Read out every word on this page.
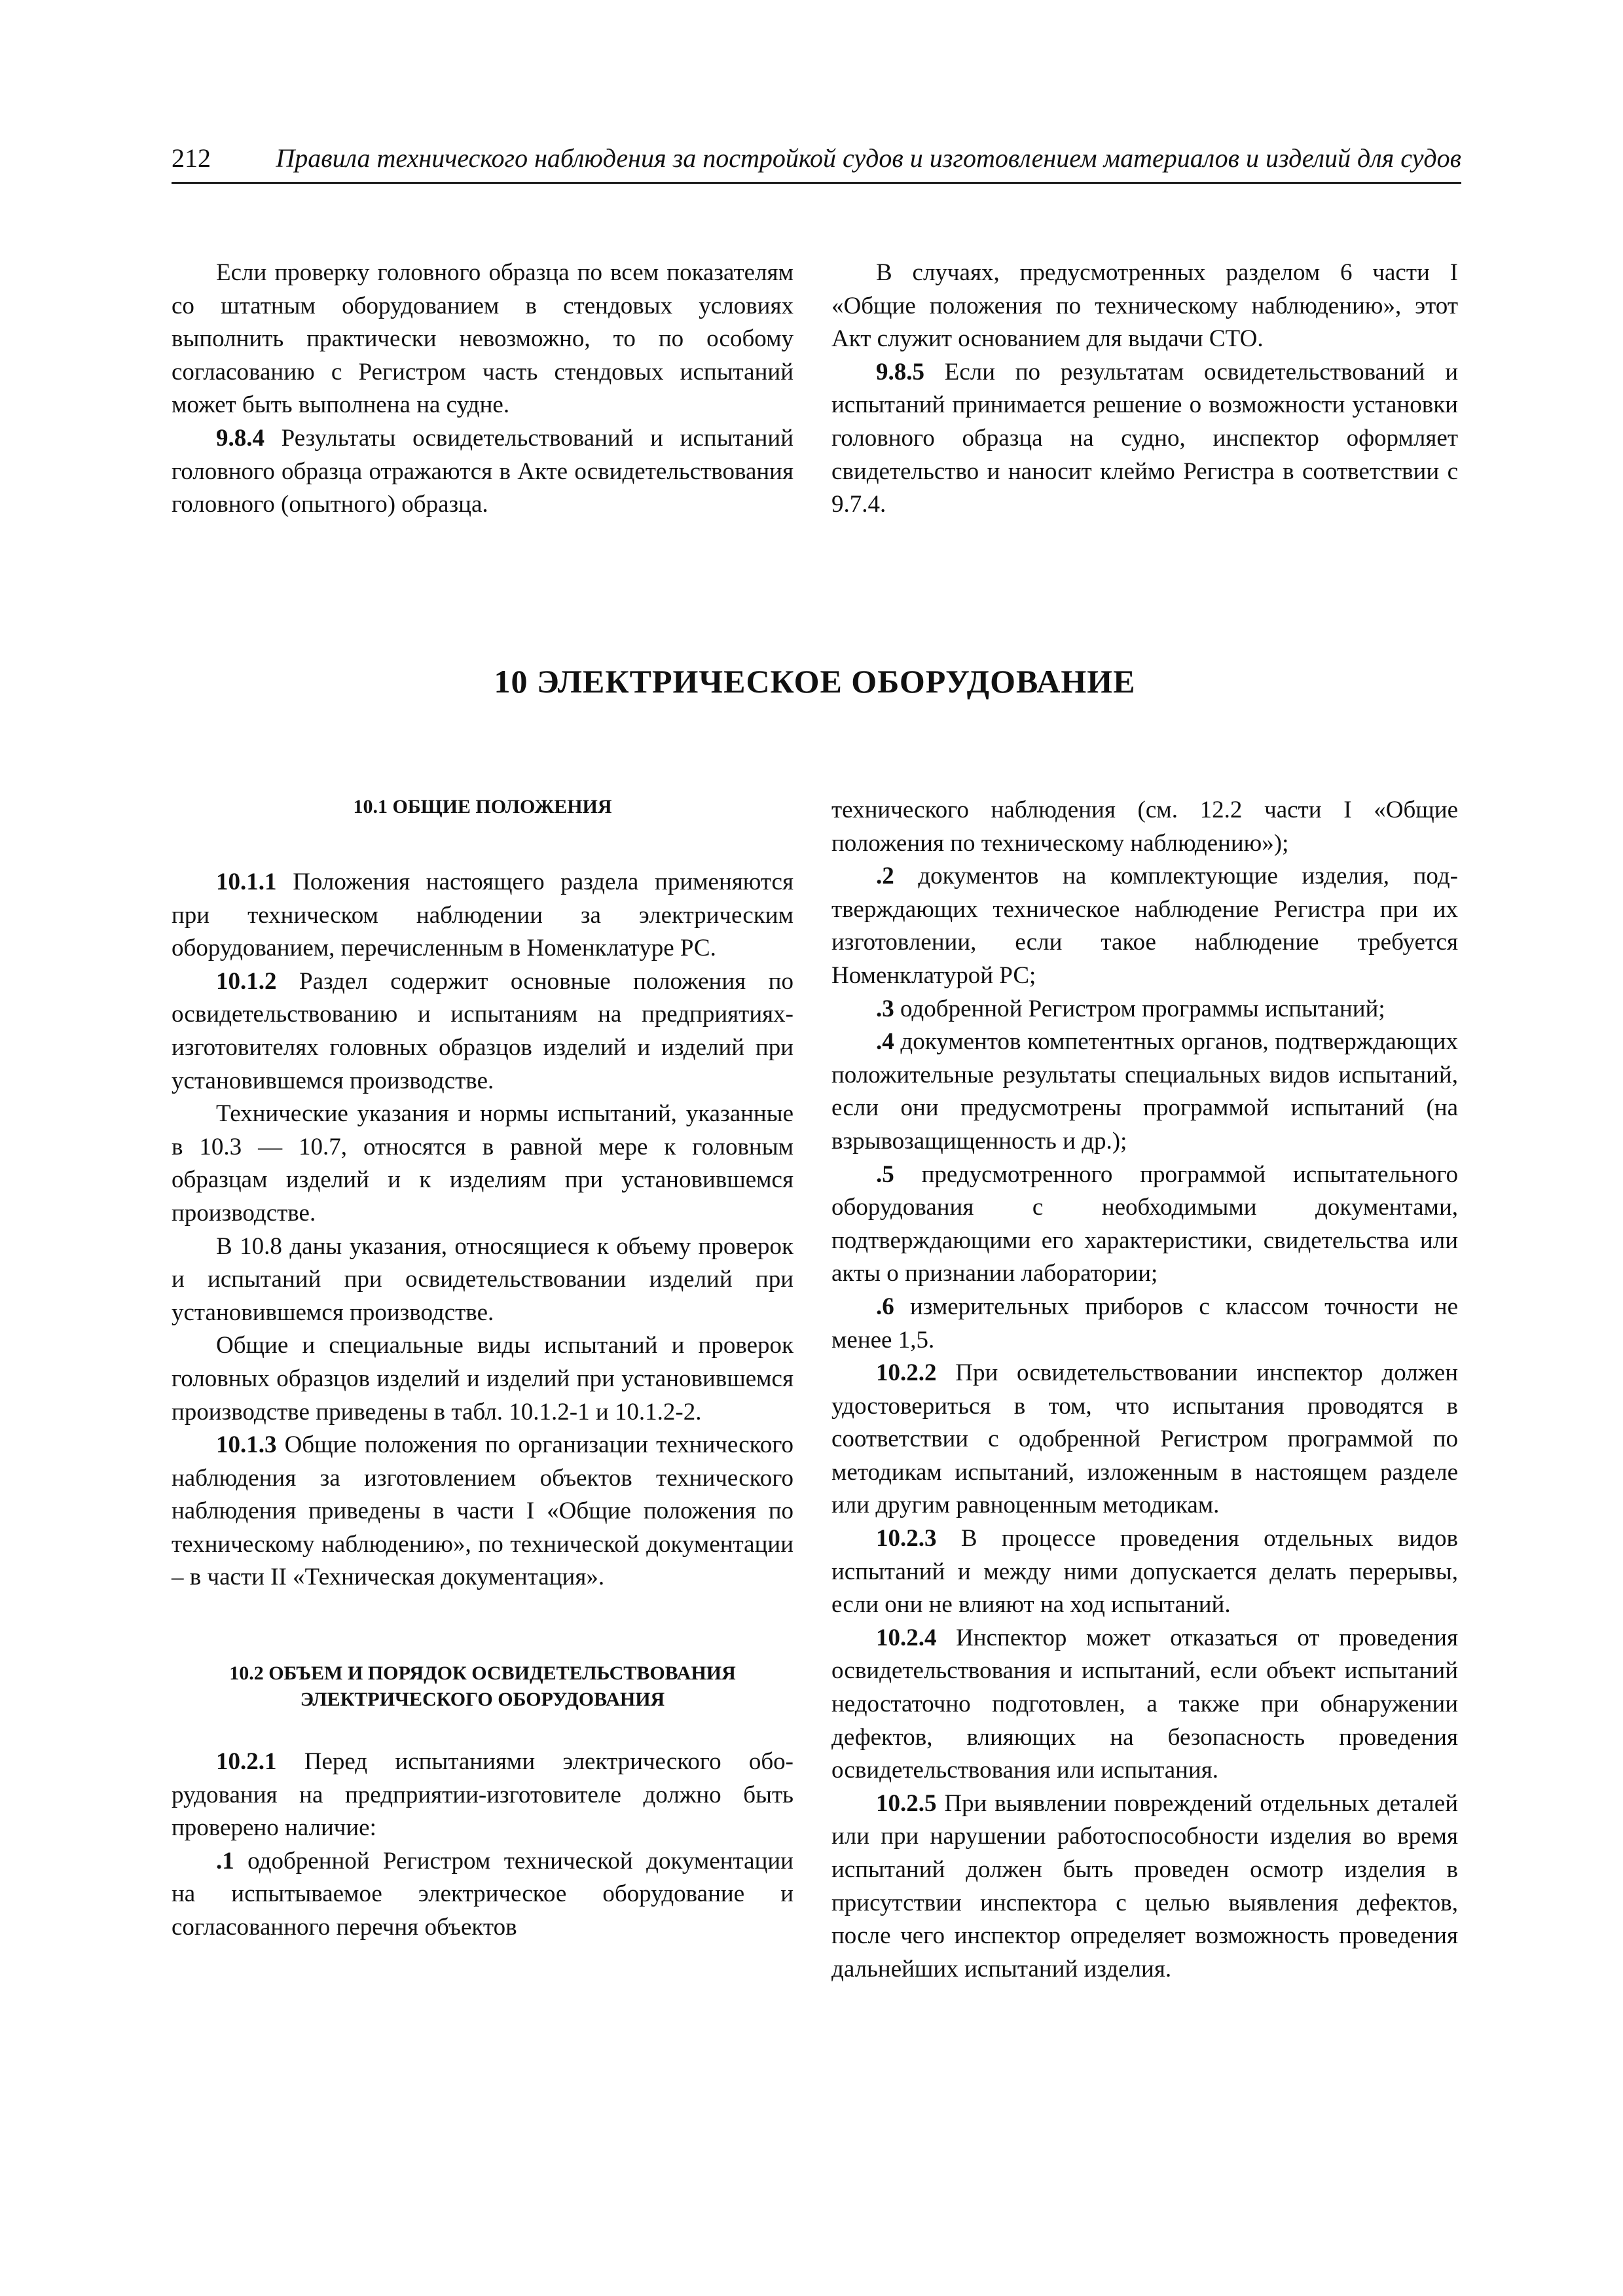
212 Правила технического наблюдения за постройкой судов и изготовлением материалов и изделий для судов

Если проверку головного образца по всем показателям со штатным оборудованием в стендовых условиях выполнить практически невозможно, то по особому согласованию с Регистром часть стендовых испытаний может быть выполнена на судне.

9.8.4 Результаты освидетельствований и испытаний головного образца отражаются в Акте освидетельствования головного (опытного) образца.

В случаях, предусмотренных разделом 6 части I «Общие положения по техническому наблюдению», этот Акт служит основанием для выдачи СТО.

9.8.5 Если по результатам освидетельствований и испытаний принимается решение о возможности установки головного образца на судно, инспектор оформляет свидетельство и наносит клеймо Регистра в соответствии с 9.7.4.

10 ЭЛЕКТРИЧЕСКОЕ ОБОРУДОВАНИЕ

10.1 ОБЩИЕ ПОЛОЖЕНИЯ

10.1.1 Положения настоящего раздела применяются при техническом наблюдении за электрическим оборудованием, перечисленным в Номенклатуре РС.

10.1.2 Раздел содержит основные положения по освидетельствованию и испытаниям на предприятиях-изготовителях головных образцов изделий и изделий при установившемся производстве.

Технические указания и нормы испытаний, указанные в 10.3 — 10.7, относятся в равной мере к головным образцам изделий и к изделиям при установившемся производстве.

В 10.8 даны указания, относящиеся к объему проверок и испытаний при освидетельствовании изделий при установившемся производстве.

Общие и специальные виды испытаний и проверок головных образцов изделий и изделий при установившемся производстве приведены в табл. 10.1.2-1 и 10.1.2-2.

10.1.3 Общие положения по организации технического наблюдения за изготовлением объектов технического наблюдения приведены в части I «Общие положения по техническому наблюдению», по технической документации – в части II «Техническая документация».

10.2 ОБЪЕМ И ПОРЯДОК ОСВИДЕТЕЛЬСТВОВАНИЯ ЭЛЕКТРИЧЕСКОГО ОБОРУДОВАНИЯ

10.2.1 Перед испытаниями электрического оборудования на предприятии-изготовителе должно быть проверено наличие:

.1 одобренной Регистром технической документации на испытываемое электрическое оборудование и согласованного перечня объектов

технического наблюдения (см. 12.2 части I «Общие положения по техническому наблюдению»);

.2 документов на комплектующие изделия, подтверждающих техническое наблюдение Регистра при их изготовлении, если такое наблюдение требуется Номенклатурой РС;

.3 одобренной Регистром программы испытаний;

.4 документов компетентных органов, подтверждающих положительные результаты специальных видов испытаний, если они предусмотрены программой испытаний (на взрывозащищенность и др.);

.5 предусмотренного программой испытательного оборудования с необходимыми документами, подтверждающими его характеристики, свидетельства или акты о признании лаборатории;

.6 измерительных приборов с классом точности не менее 1,5.

10.2.2 При освидетельствовании инспектор должен удостовериться в том, что испытания проводятся в соответствии с одобренной Регистром программой по методикам испытаний, изложенным в настоящем разделе или другим равноценным методикам.

10.2.3 В процессе проведения отдельных видов испытаний и между ними допускается делать перерывы, если они не влияют на ход испытаний.

10.2.4 Инспектор может отказаться от проведения освидетельствования и испытаний, если объект испытаний недостаточно подготовлен, а также при обнаружении дефектов, влияющих на безопасность проведения освидетельствования или испытания.

10.2.5 При выявлении повреждений отдельных деталей или при нарушении работоспособности изделия во время испытаний должен быть проведен осмотр изделия в присутствии инспектора с целью выявления дефектов, после чего инспектор определяет возможность проведения дальнейших испытаний изделия.
